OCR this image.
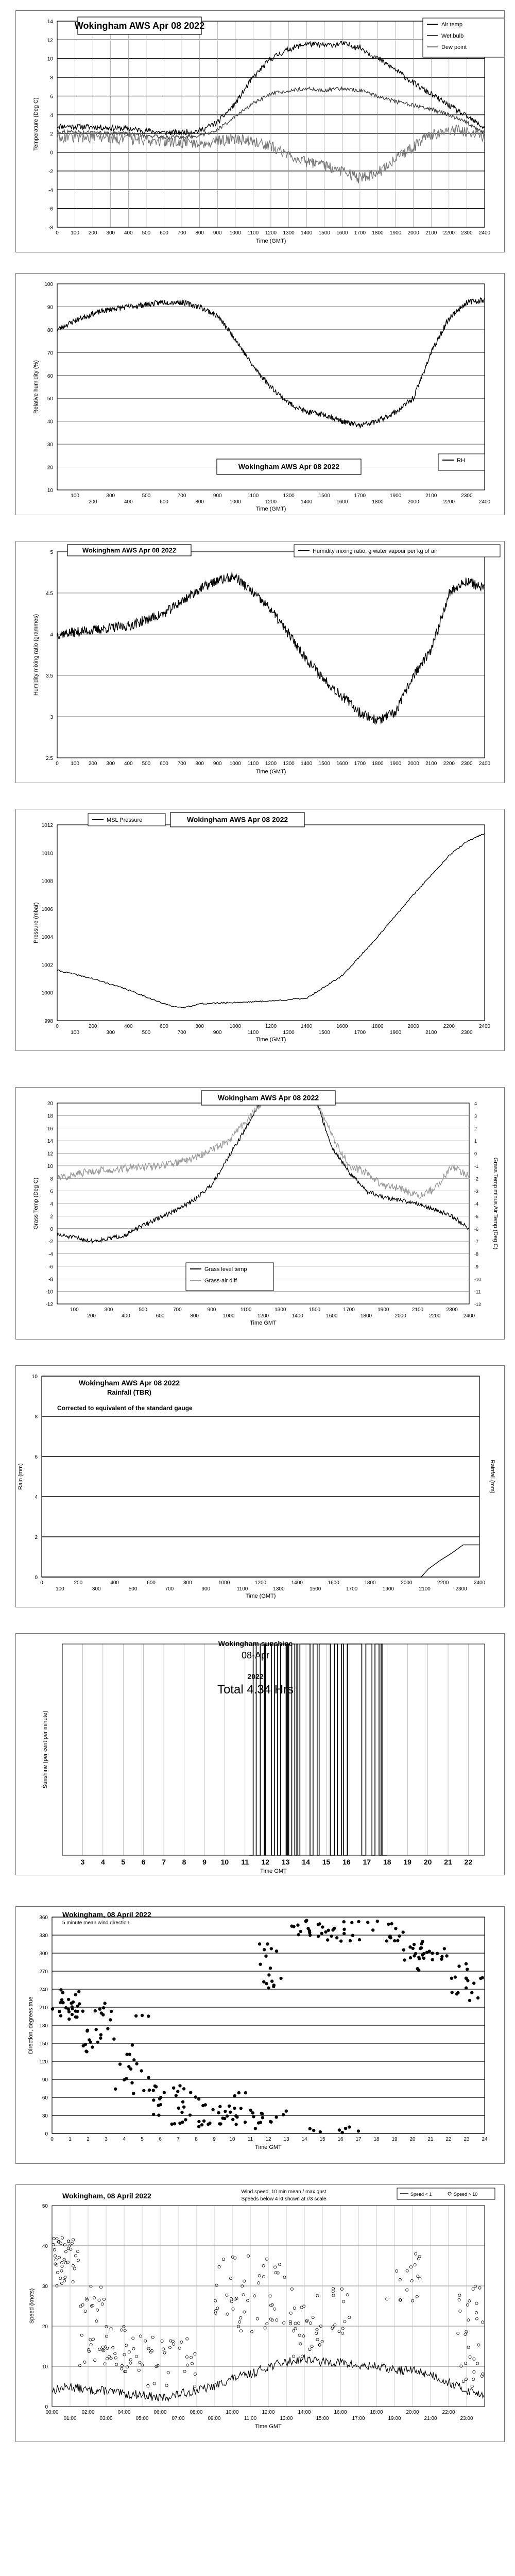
-8
-6
-4
-2
0
2
4
6
8
10
12
14
0 100 200 300 400 500 600 700 800 900 1000 1100 1200 1300 1400 1500 1600 1700 1800 1900 2000 2100 2200 2300 2400
Time (GMT)
Temperature (Deg C)
Wokingham AWS Apr 08 2022	Air temp
Wet bulb
Dew point
10
20
30
40
50
60
70
80
90
100
100
200
300
400
500
600
700
800
900
1000
1100
1200
1300
1400
1500
1600
1700
1800
1900
2000
2100
2200
2300
2400
Time (GMT)
Relative humidity (%)
Wokingham AWS Apr 08 2022
RH
2.5
3
3.5
4
4.5
5
0 100 200 300 400 500 600 700 800 900 1000 1100 1200 1300 1400 1500 1600 1700 1800 1900 2000 2100 2200 2300 2400
Time (GMT)
Humidity mixing ratio (grammes)
Wokingham AWS Apr 08 2022	Humidity mixing ratio, g water vapour per kg of air
998
1000
1002
1004
1006
1008
1010
1012
0
100
200
300
400
500
600
700
800
900
1000
1100
1200
1300
1400
1500
1600
1700
1800
1900
2000
2100
2200
2300
2400
Time (GMT)
Pressure (mbar)
MSL Pressure	Wokingham AWS Apr 08 2022
-12
-10
-8
-6
-4
-2
0
2
4
6
8
10
12
14
16
18
20
100
200
300
400
500
600
700
800
900
1000
1100
1200
1300
1400
1500
1600
1700
1800
1900
2000
2100
2200
2300
2400
Time GMT
Grass Temp (Deg C)
-12
-11
-10
-9
-8
-7
-6
-5
-4
-3
-2
-1
0
1
2
3
4
Grass Temp minus Air Temp (Deg C)
Wokingham AWS Apr 08 2022
Grass level temp
Grass-air diff
0
2
4
6
8
10
0
100
200
300
400
500
600
700
800
900
1000
1100
1200
1300
1400
1500
1600
1700
1800
1900
2000
2100
2200
2300
2400
Time (GMT)
Rain (mm)	Rainfall (mm)
Wokingham AWS Apr 08 2022
Rainfall (TBR)
Corrected to equivalent of the standard gauge
3 4 5 6 7 8 9 10 11 12 13 14 15 16 17 18 19 20 21 22
Time GMT
Sunshine (per cent per minute)
Wokingham sunshine
08-Apr
2022
Total 4.34 Hrs
0
30
60
90
120
150
180
210
240
270
300
330
360
0	1	2	3	4	5	6	7	8	9	10 11 12 13 14 15 16 17 18 19 20 21 22 23 24
Time GMT
Direction, degrees true
Wokingham, 08 April 2022
5 minute mean wind direction
0
10
20
30
40
50
00:00	02:00	04:00	06:00	08:00	10:00	12:00	14:00	16:00	18:00	20:00	22:00
01:00	03:00	05:00	07:00	09:00	11:00	13:00	15:00	17:00	19:00	21:00	23:00
Time GMT
Speed (knots)
Wokingham, 08 April 2022	Wind speed, 10 min mean / max gust
Speeds below 4 kt shown at r/3 scale
Speed < 1	Speed > 10
